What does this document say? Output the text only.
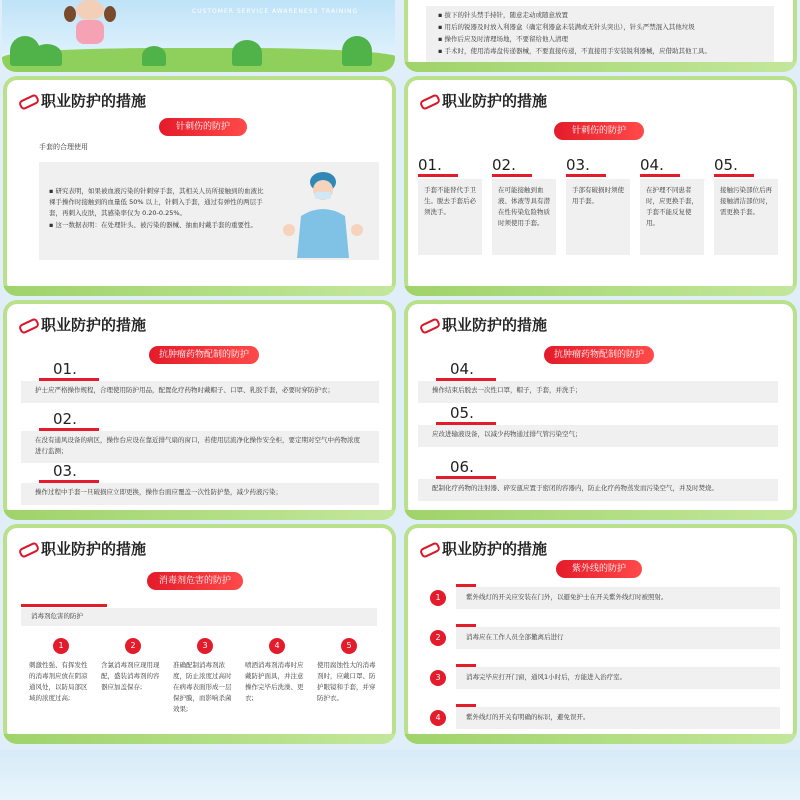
CUSTOMER SERVICE AWARENESS TRAINING	▪ 拔下的针头禁手持针，随意走动或随意放置
▪ 用后的锐器及时放入利器盒（确定利器盒未装满或无针头突出），针头严禁混入其他垃圾
▪ 操作后应及时清理场地，不要留给他人清理
▪ 手术时，使用消毒盘传递器械，不要直接传递，不直接用手安装锐利器械，应借助其他工具。
职业防护的措施
针刺伤的防护
手套的合理使用
▪ 研究表明，如果被血液污染的针刺穿手套，其相关人员所接触到的血液比裸手操作时接触到的血量低 50% 以上，针刺入手套，通过有弹性的两层手套，再刺入皮肤，其感染率仅为 0.20-0.25%。
▪ 这一数据表明：在处理针头、被污染的器械、抽血时戴手套的重要性。
职业防护的措施
针刺伤的防护
01.
手套不能替代手卫生。脱去手套后必须洗手。
02.
在可能接触到血液、体液等具有潜在性传染危险物质时须使用手套。
03.
手部有破损时须使用手套。
04.
在护理不同患者时，应更换手套，手套不能反复使用。
05.
接触污染部位后再接触清洁部位时，需更换手套。
职业防护的措施
抗肿瘤药物配制的防护
01.
护士应严格操作规程，合理使用防护用品，配置化疗药物时戴帽子、口罩、乳胶手套，必要时穿防护衣；
02.
在没有通风设备的病区，操作台应设在靠近排气扇的窗口，若使用层流净化操作安全柜，要定期对空气中药物浓度进行监测；
03.
操作过程中手套一旦破损应立即更换，操作台面应覆盖一次性防护垫，减少药液污染；
职业防护的措施
抗肿瘤药物配制的防护
04.
操作结束后脱去一次性口罩，帽子，手套，并洗手；
05.
应改进输液设备，以减少药物通过排气管污染空气；
06.
配制化疗药物的注射器、碎安瓿应置于密闭的容器内，防止化疗药物蒸发而污染空气，并及时焚烧。
职业防护的措施
消毒剂危害的防护
消毒剂危害的防护
1
刺激性强、有挥发性的消毒剂应放在阴凉通风处，以防局部区域的浓度过高;
2
含氯消毒剂应现用现配，盛装消毒剂的容器应加盖保存;
3
准确配制消毒剂浓度，防止浓度过高时在病毒表面形成一层保护膜，而影响杀菌效果;
4
喷洒消毒剂消毒时应戴防护面具，并注意操作完毕后洗澡、更衣;
5
使用腐蚀性大的消毒剂时，应戴口罩、防护眼镜和手套，并穿防护衣。
职业防护的措施
紫外线的防护
1	紫外线灯的开关应安装在门外，以避免护士在开关紫外线灯时被照射。
2	消毒应在工作人员全部撤离后进行
3	消毒完毕应打开门窗，通风1小时后，方能进入治疗室。
4	紫外线灯的开关有明确的标识，避免误开。
